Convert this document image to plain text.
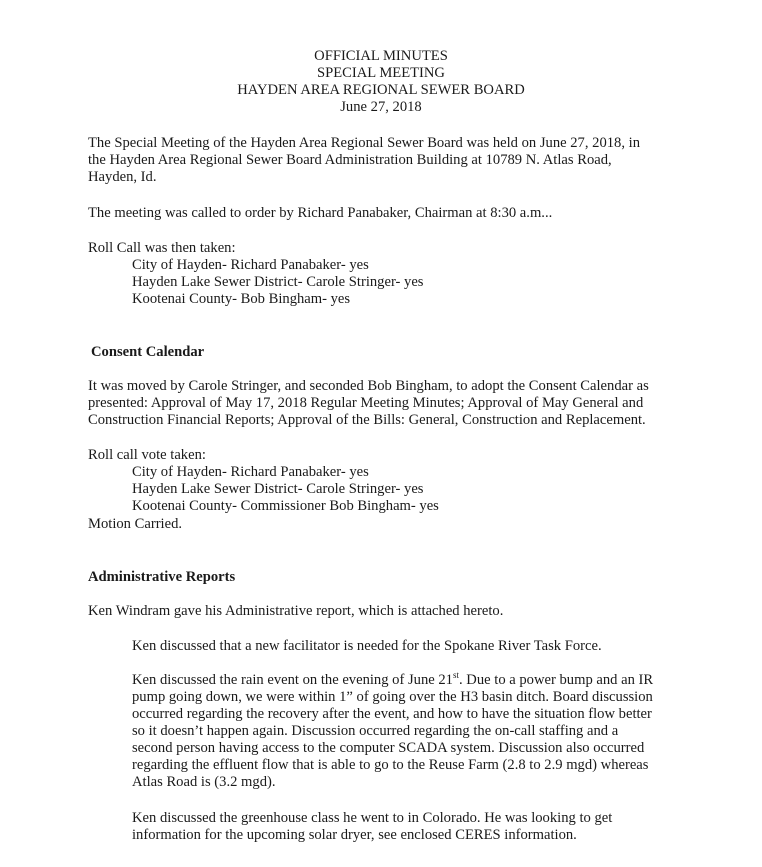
OFFICIAL MINUTES
SPECIAL MEETING
HAYDEN AREA REGIONAL SEWER BOARD
June 27, 2018
The Special Meeting of the Hayden Area Regional Sewer Board was held on June 27, 2018, in
the Hayden Area Regional Sewer Board Administration Building at 10789 N. Atlas Road,
Hayden, Id.
The meeting was called to order by Richard Panabaker, Chairman at 8:30 a.m...
Roll Call was then taken:
City of Hayden- Richard Panabaker- yes
Hayden Lake Sewer District- Carole Stringer- yes
Kootenai County- Bob Bingham- yes
Consent Calendar
It was moved by Carole Stringer, and seconded Bob Bingham, to adopt the Consent Calendar as
presented: Approval of May 17, 2018 Regular Meeting Minutes; Approval of May General and
Construction Financial Reports; Approval of the Bills: General, Construction and Replacement.
Roll call vote taken:
City of Hayden- Richard Panabaker- yes
Hayden Lake Sewer District- Carole Stringer- yes
Kootenai County- Commissioner Bob Bingham- yes
Motion Carried.
Administrative Reports
Ken Windram gave his Administrative report, which is attached hereto.
Ken discussed that a new facilitator is needed for the Spokane River Task Force.
Ken discussed the rain event on the evening of June 21st. Due to a power bump and an IR
pump going down, we were within 1” of going over the H3 basin ditch. Board discussion
occurred regarding the recovery after the event, and how to have the situation flow better
so it doesn’t happen again. Discussion occurred regarding the on-call staffing and a
second person having access to the computer SCADA system. Discussion also occurred
regarding the effluent flow that is able to go to the Reuse Farm (2.8 to 2.9 mgd) whereas
Atlas Road is (3.2 mgd).
Ken discussed the greenhouse class he went to in Colorado. He was looking to get
information for the upcoming solar dryer, see enclosed CERES information.
